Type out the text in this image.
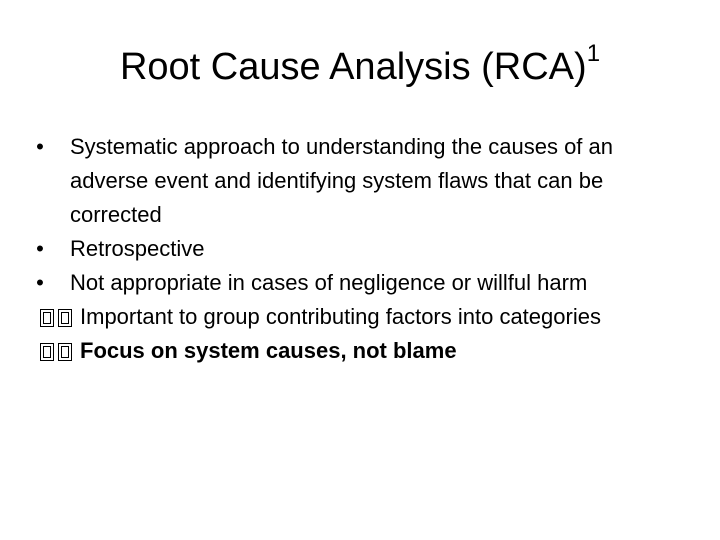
Root Cause Analysis (RCA)$^1$

• Systematic approach to understanding the causes of an adverse event and identifying system flaws that can be corrected

• Retrospective

• Not appropriate in cases of negligence or willful harm

Important to group contributing factors into categories

Focus on system causes, not blame
